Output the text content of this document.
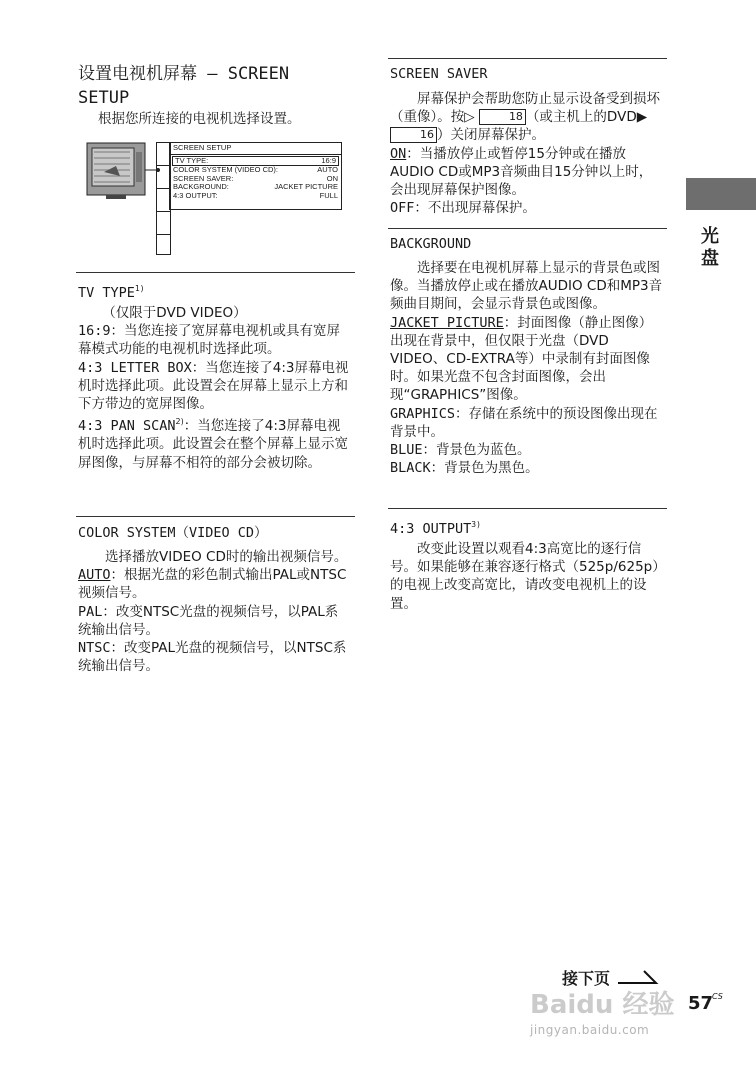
设置电视机屏幕 — SCREEN
SETUP

根据您所连接的电视机选择设置。

SCREEN SETUP
TV TYPE:	16:9
COLOR SYSTEM (VIDEO CD):	AUTO
SCREEN SAVER:	ON
BACKGROUND:	JACKET PICTURE
4:3 OUTPUT:	FULL
TV TYPE$^{1)}$

（仅限于DVD VIDEO）

16:9：当您连接了宽屏幕电视机或具有宽屏幕模式功能的电视机时选择此项。

4:3 LETTER BOX：当您连接了4:3屏幕电视机时选择此项。此设置会在屏幕上显示上方和下方带边的宽屏图像。

4:3 PAN SCAN$^{2)}$：当您连接了4:3屏幕电视机时选择此项。此设置会在整个屏幕上显示宽屏图像，与屏幕不相符的部分会被切除。

COLOR SYSTEM（VIDEO CD）

选择播放VIDEO CD时的输出视频信号。

AUTO：根据光盘的彩色制式输出PAL或NTSC视频信号。

PAL：改变NTSC光盘的视频信号，以PAL系统输出信号。

NTSC：改变PAL光盘的视频信号，以NTSC系统输出信号。

SCREEN SAVER

屏幕保护会帮助您防止显示设备受到损坏（重像）。按▷	18 （或主机上的DVD▶ 16 ）关闭屏幕保护。

ON：当播放停止或暂停15分钟或在播放AUDIO CD或MP3音频曲目15分钟以上时，会出现屏幕保护图像。

OFF：不出现屏幕保护。

BACKGROUND

选择要在电视机屏幕上显示的背景色或图像。当播放停止或在播放AUDIO CD和MP3音频曲目期间，会显示背景色或图像。

JACKET PICTURE：封面图像（静止图像）出现在背景中，但仅限于光盘（DVD VIDEO、CD-EXTRA等）中录制有封面图像时。如果光盘不包含封面图像，会出现“GRAPHICS”图像。

GRAPHICS：存储在系统中的预设图像出现在背景中。

BLUE：背景色为蓝色。

BLACK：背景色为黑色。

4:3 OUTPUT$^{3)}$

改变此设置以观看4:3高宽比的逐行信号。如果能够在兼容逐行格式（525p/625p）的电视上改变高宽比，请改变电视机上的设置。

光盘
接下页
Baidu 经验
jingyan.baidu.com
57
CS
